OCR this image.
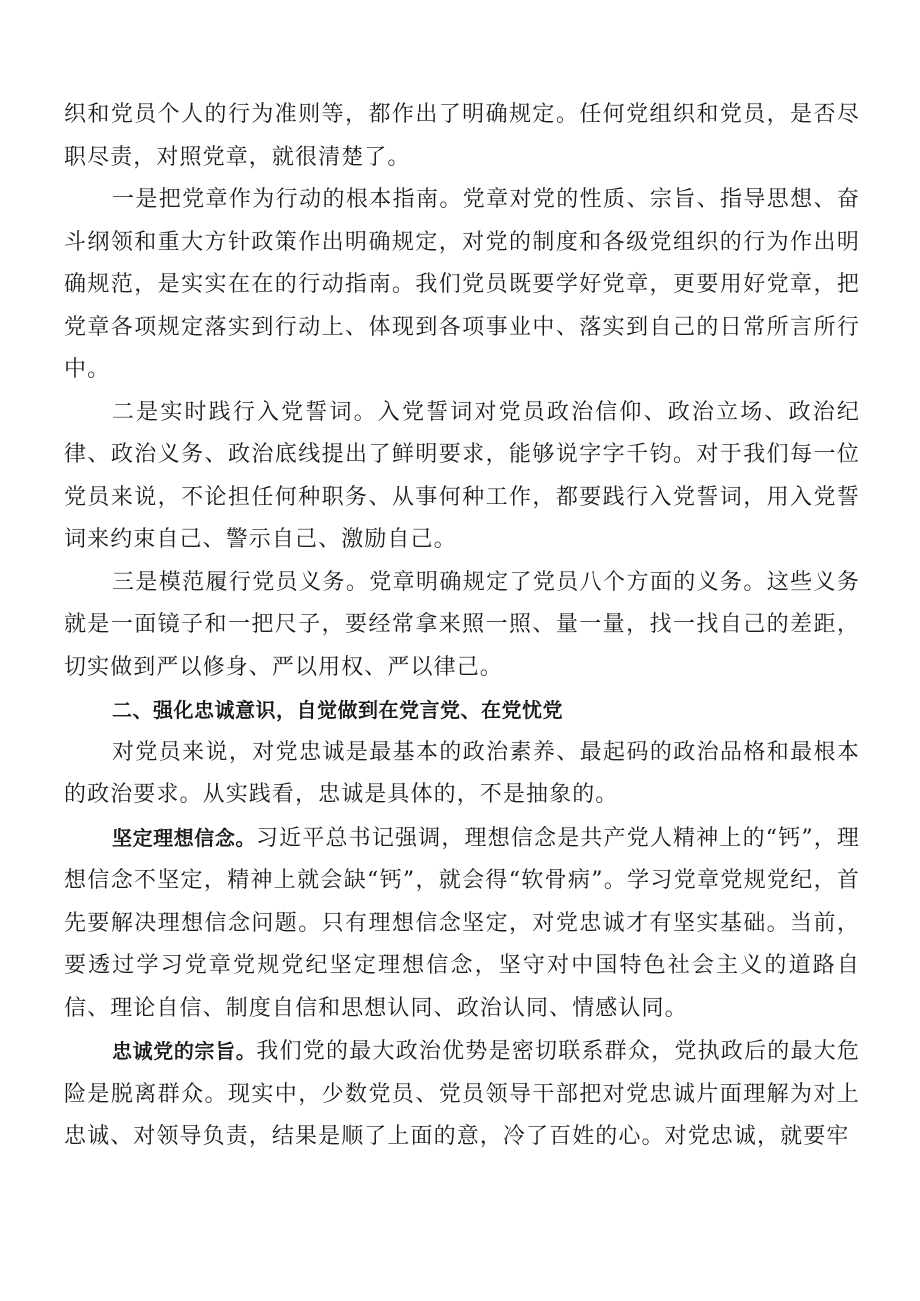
织和党员个人的行为准则等，都作出了明确规定。任何党组织和党员，是否尽职尽责，对照党章，就很清楚了。

一是把党章作为行动的根本指南。党章对党的性质、宗旨、指导思想、奋斗纲领和重大方针政策作出明确规定，对党的制度和各级党组织的行为作出明确规范，是实实在在的行动指南。我们党员既要学好党章，更要用好党章，把党章各项规定落实到行动上、体现到各项事业中、落实到自己的日常所言所行中。

二是实时践行入党誓词。入党誓词对党员政治信仰、政治立场、政治纪律、政治义务、政治底线提出了鲜明要求，能够说字字千钧。对于我们每一位党员来说，不论担任何种职务、从事何种工作，都要践行入党誓词，用入党誓词来约束自己、警示自己、激励自己。

三是模范履行党员义务。党章明确规定了党员八个方面的义务。这些义务就是一面镜子和一把尺子，要经常拿来照一照、量一量，找一找自己的差距，切实做到严以修身、严以用权、严以律己。

二、强化忠诚意识，自觉做到在党言党、在党忧党

对党员来说，对党忠诚是最基本的政治素养、最起码的政治品格和最根本的政治要求。从实践看，忠诚是具体的，不是抽象的。

坚定理想信念。习近平总书记强调，理想信念是共产党人精神上的“钙”，理想信念不坚定，精神上就会缺“钙”，就会得“软骨病”。学习党章党规党纪，首先要解决理想信念问题。只有理想信念坚定，对党忠诚才有坚实基础。当前，要透过学习党章党规党纪坚定理想信念，坚守对中国特色社会主义的道路自信、理论自信、制度自信和思想认同、政治认同、情感认同。

忠诚党的宗旨。我们党的最大政治优势是密切联系群众，党执政后的最大危险是脱离群众。现实中，少数党员、党员领导干部把对党忠诚片面理解为对上忠诚、对领导负责，结果是顺了上面的意，冷了百姓的心。对党忠诚，就要牢
